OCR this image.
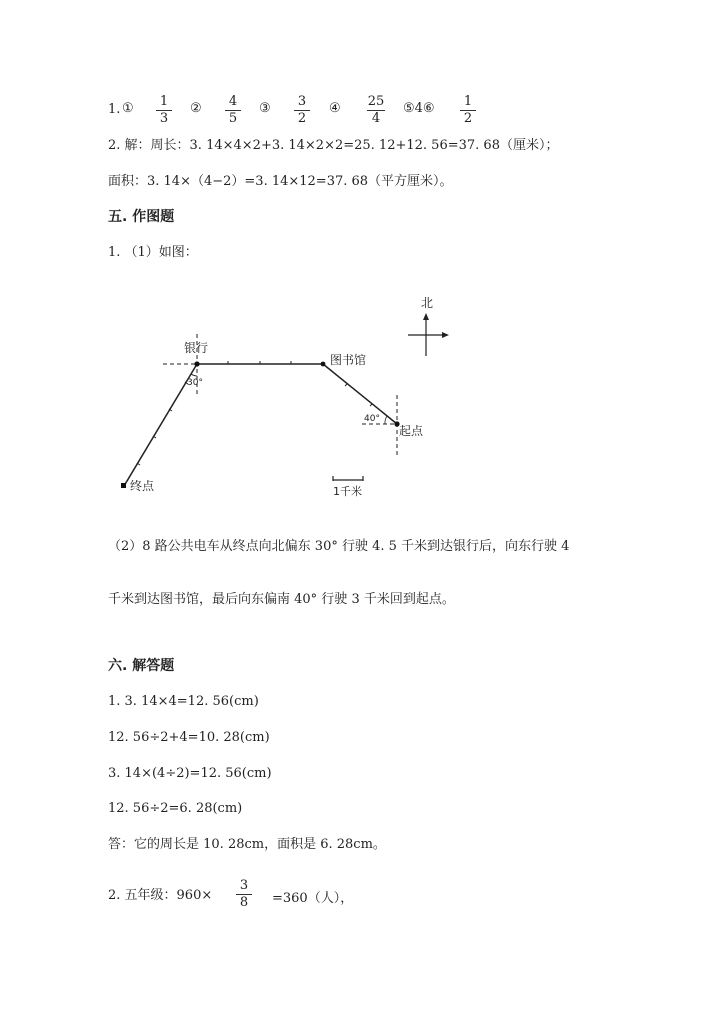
1. ①	1
3
②	4
5
③	3
2
④ 25
4
⑤4⑥	1
2
2. 解：周长：3. 14×4×2+3. 14×2×2=25. 12+12. 56=37. 68（厘米）；
面积：3. 14×（4−2）=3. 14×12=37. 68（平方厘米）。
五. 作图题
1. （1）如图：
北
银行
图书馆
起点
终点
30°
40°
1千米
（2）8 路公共电车从终点向北偏东 30° 行驶 4. 5 千米到达银行后，向东行驶 4
千米到达图书馆，最后向东偏南 40° 行驶 3 千米回到起点。
六. 解答题
1. 3. 14×4=12. 56(cm)
12. 56÷2+4=10. 28(cm)
3. 14×(4÷2)=12. 56(cm)
12. 56÷2=6. 28(cm)
答：它的周长是 10. 28cm，面积是 6. 28cm。
2. 五年级：960×
3
8	=360（人），
